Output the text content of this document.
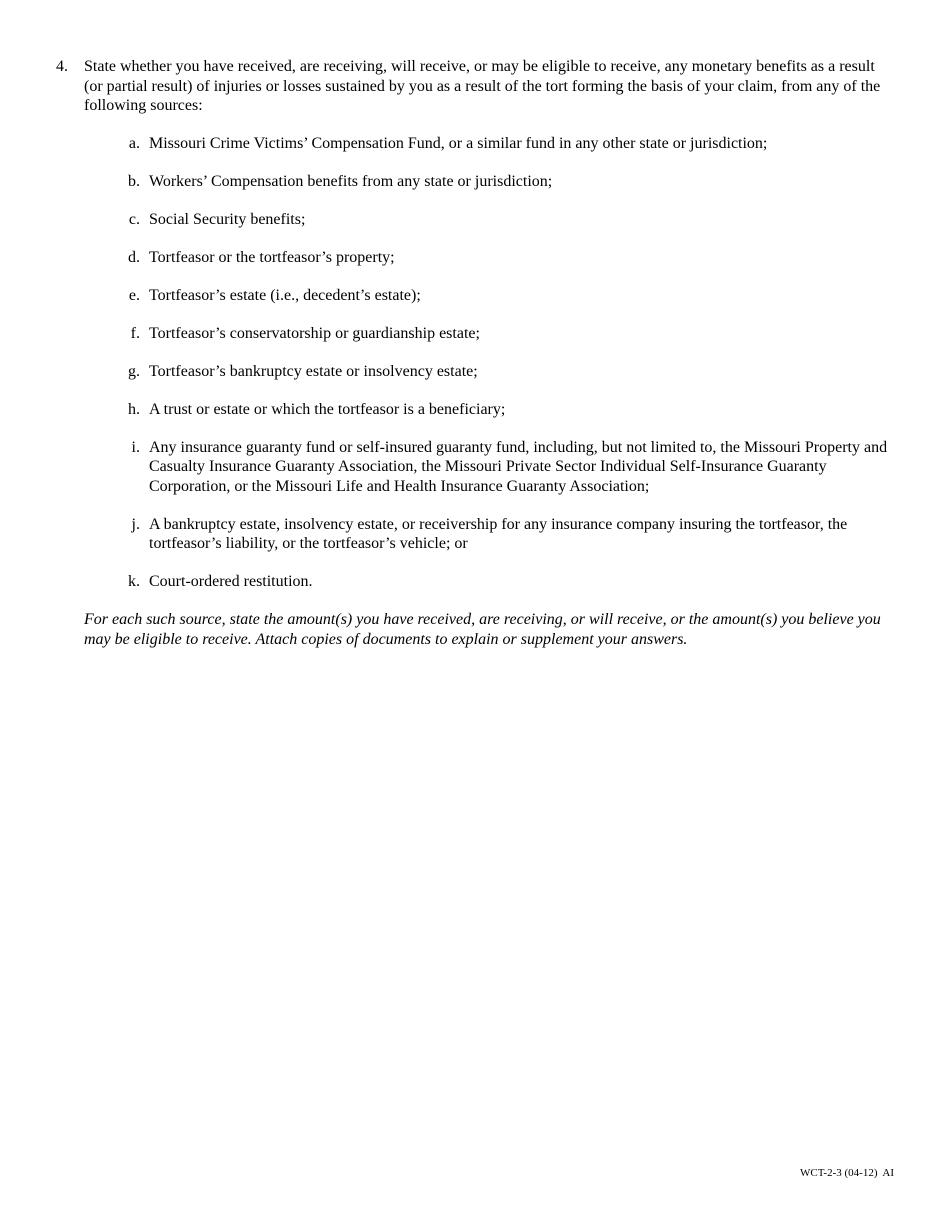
4.	State whether you have received, are receiving, will receive, or may be eligible to receive, any monetary benefits as a result (or partial result) of injuries or losses sustained by you as a result of the tort forming the basis of your claim, from any of the following sources:
a. Missouri Crime Victims’ Compensation Fund, or a similar fund in any other state or jurisdiction;
b. Workers’ Compensation benefits from any state or jurisdiction;
c. Social Security benefits;
d. Tortfeasor or the tortfeasor’s property;
e. Tortfeasor’s estate (i.e., decedent’s estate);
f. Tortfeasor’s conservatorship or guardianship estate;
g. Tortfeasor’s bankruptcy estate or insolvency estate;
h. A trust or estate or which the tortfeasor is a beneficiary;
i. Any insurance guaranty fund or self-insured guaranty fund, including, but not limited to, the Missouri Property and Casualty Insurance Guaranty Association, the Missouri Private Sector Individual Self-Insurance Guaranty Corporation, or the Missouri Life and Health Insurance Guaranty Association;
j. A bankruptcy estate, insolvency estate, or receivership for any insurance company insuring the tortfeasor, the tortfeasor’s liability, or the tortfeasor’s vehicle; or
k. Court-ordered restitution.
For each such source, state the amount(s) you have received, are receiving, or will receive, or the amount(s) you believe you may be eligible to receive. Attach copies of documents to explain or supplement your answers.
WCT-2-3 (04-12)  AI
